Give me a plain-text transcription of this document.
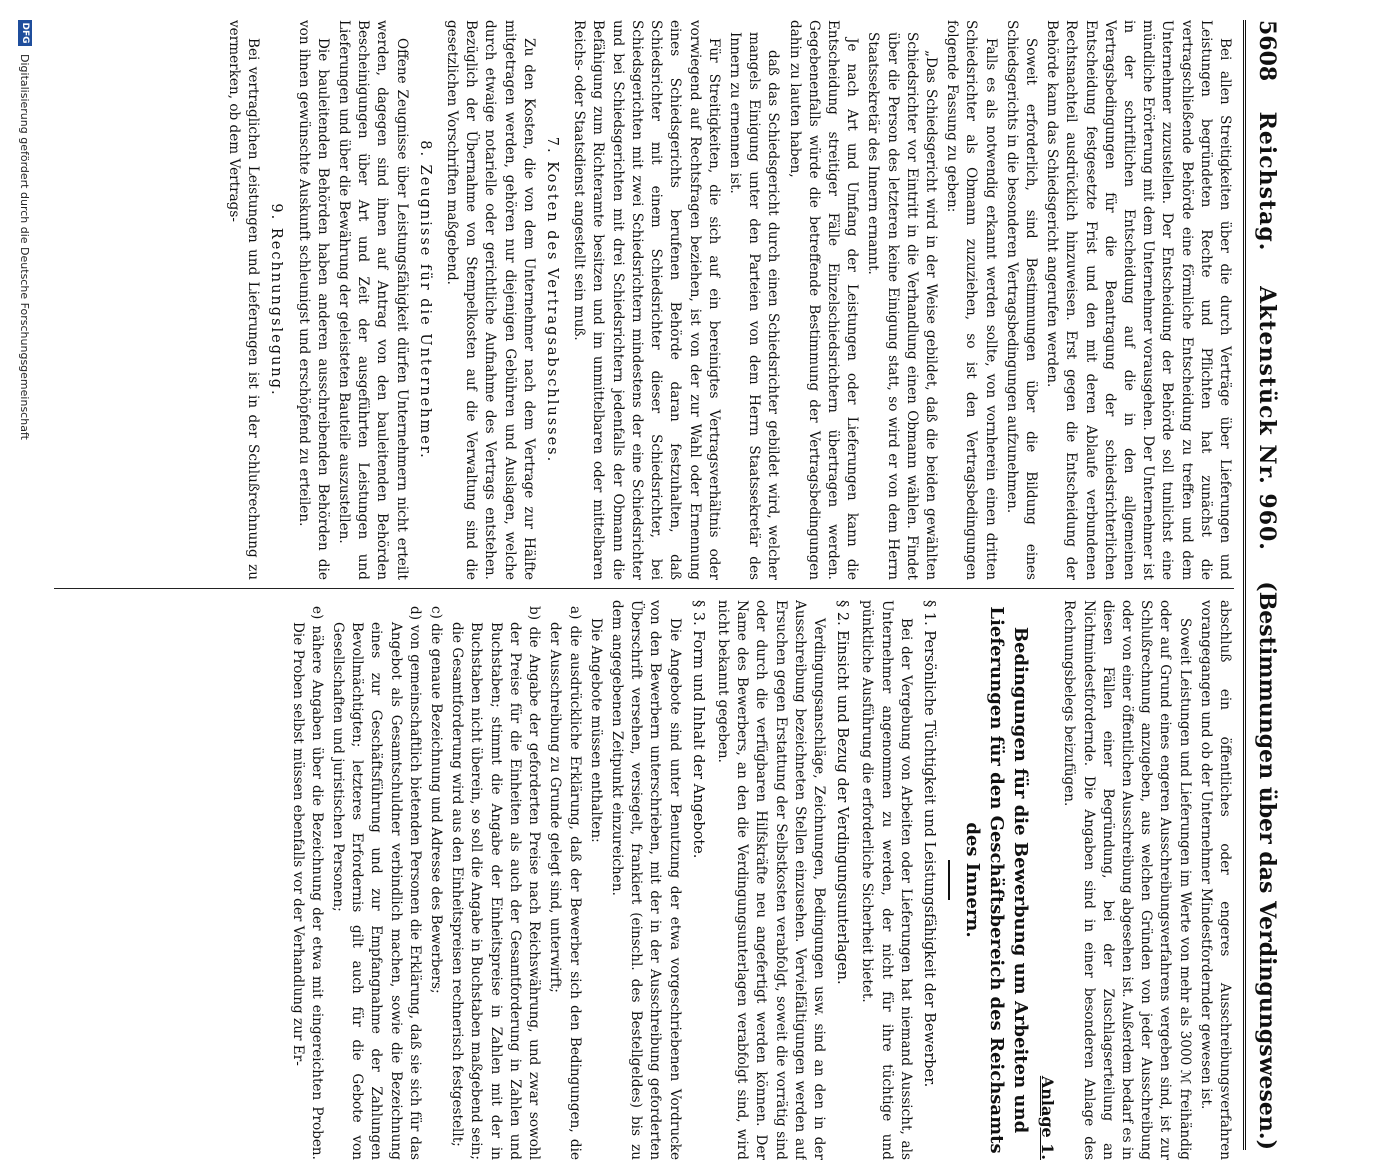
5608
Reichstag.    Aktenstück Nr. 960.
(Bestimmungen über das Verdingungswesen.)

Bei allen Streitigkeiten über die durch Verträge über Lieferungen und Leistungen begründeten Rechte und Pflichten hat zunächst die vertragschließende Behörde eine förmliche Entscheidung zu treffen und dem Unternehmer zuzustellen. Der Entscheidung der Behörde soll tunlichst eine mündliche Erörterung mit dem Unternehmer vorausgehen. Der Unternehmer ist in der schriftlichen Entscheidung auf die in den allgemeinen Vertragsbedingungen für die Beantragung der schiedsrichterlichen Entscheidung festgesetzte Frist und den mit deren Ablaufe verbundenen Rechtsnachteil ausdrücklich hinzuweisen. Erst gegen die Entscheidung der Behörde kann das Schiedsgericht angerufen werden.

Soweit erforderlich, sind Bestimmungen über die Bildung eines Schiedsgerichts in die besonderen Vertragsbedingungen aufzunehmen.

Falls es als notwendig erkannt werden sollte, von vornherein einen dritten Schiedsrichter als Obmann zuzuziehen, so ist den Vertragsbedingungen folgende Fassung zu geben:

„Das Schiedsgericht wird in der Weise gebildet, daß die beiden gewählten Schiedsrichter vor Eintritt in die Verhandlung einen Obmann wählen. Findet über die Person des letzteren keine Einigung statt, so wird er von dem Herrn Staatssekretär des Innern ernannt.

Je nach Art und Umfang der Leistungen oder Lieferungen kann die Entscheidung streitiger Fälle Einzelschiedsrichtern übertragen werden. Gegebenenfalls würde die betreffende Bestimmung der Vertragsbedingungen dahin zu lauten haben,

daß das Schiedsgericht durch einen Schiedsrichter gebildet wird, welcher mangels Einigung unter den Parteien von dem Herrn Staatssekretär des Innern zu ernennen ist.

Für Streitigkeiten, die sich auf ein bereinigtes Vertragsverhältnis oder vorwiegend auf Rechtsfragen beziehen, ist von der zur Wahl oder Ernennung eines Schiedsgerichts berufenen Behörde daran festzuhalten, daß Schiedsrichter mit einem Schiedsrichter dieser Schiedsrichter, bei Schiedsgerichten mit zwei Schiedsrichtern mindestens der eine Schiedsrichter und bei Schiedsgerichten mit drei Schiedsrichtern jedenfalls der Obmann die Befähigung zum Richteramte besitzen und im unmittelbaren oder mittelbaren Reichs- oder Staatsdienst angestellt sein muß.

7. Kosten des Vertragsabschlusses.

Zu den Kosten, die von dem Unternehmer nach dem Vertrage zur Hälfte mitgetragen werden, gehören nur diejenigen Gebühren und Auslagen, welche durch etwaige notarielle oder gerichtliche Aufnahme des Vertrags entstehen. Bezüglich der Übernahme von Stempelkosten auf die Verwaltung sind die gesetzlichen Vorschriften maßgebend.

8. Zeugnisse für die Unternehmer.

Offene Zeugnisse über Leistungsfähigkeit dürfen Unternehmern nicht erteilt werden, dagegen sind ihnen auf Antrag von den bauleitenden Behörden Bescheinigungen über Art und Zeit der ausgeführten Leistungen und Lieferungen und über die Bewährung der geleisteten Bauteile auszustellen.

Die bauleitenden Behörden haben anderen ausschreibenden Behörden die von ihnen gewünschte Auskunft schleunigst und erschöpfend zu erteilen.

9. Rechnungslegung.

Bei vertraglichen Leistungen und Lieferungen ist in der Schlußrechnung zu vermerken, ob dem Vertrags-

abschluß ein öffentliches oder engeres Ausschreibungsverfahren vorangegangen und ob der Unternehmer Mindestfordernder gewesen ist.

Soweit Leistungen und Lieferungen im Werte von mehr als 3000 ℳ freihändig oder auf Grund eines engeren Ausschreibungsverfahrens vergeben sind, ist zur Schlußrechnung anzugeben, aus welchen Gründen von jeder Ausschreibung oder von einer öffentlichen Ausschreibung abgesehen ist. Außerdem bedarf es in diesen Fällen einer Begründung, bei der Zuschlagserteilung an Nichtmindestfordernde. Die Angaben sind in einer besonderen Anlage des Rechnungsbelegs beizufügen.

Anlage 1.
Bedingungen für die Bewerbung um Arbeiten und Lieferungen für den Geschäftsbereich des Reichsamts des Innern.

§ 1. Persönliche Tüchtigkeit und Leistungsfähigkeit der Bewerber.

Bei der Vergebung von Arbeiten oder Lieferungen hat niemand Aussicht, als Unternehmer angenommen zu werden, der nicht für ihre tüchtige und pünktliche Ausführung die erforderliche Sicherheit bietet.

§ 2. Einsicht und Bezug der Verdingungsunterlagen.

Verdingungsanschläge, Zeichnungen, Bedingungen usw. sind an den in der Ausschreibung bezeichneten Stellen einzusehen. Vervielfältigungen werden auf Ersuchen gegen Erstattung der Selbstkosten verabfolgt, soweit die vorrätig sind oder durch die verfügbaren Hilfskräfte neu angefertigt werden können. Der Name des Bewerbers, an den die Verdingungsunterlagen verabfolgt sind, wird nicht bekannt gegeben.

§ 3. Form und Inhalt der Angebote.

Die Angebote sind unter Benutzung der etwa vorgeschriebenen Vordrucke von den Bewerbern unterschrieben, mit der in der Ausschreibung geforderten Überschrift versehen, versiegelt, frankiert (einschl. des Bestellgeldes) bis zu dem angegebenen Zeitpunkt einzureichen.

Die Angebote müssen enthalten:

a) die ausdrückliche Erklärung, daß der Bewerber sich den Bedingungen, die der Ausschreibung zu Grunde gelegt sind, unterwirft;

b) die Angabe der geforderten Preise nach Reichswährung, und zwar sowohl der Preise für die Einheiten als auch der Gesamtforderung in Zahlen und Buchstaben; stimmt die Angabe der Einheitspreise in Zahlen mit der in Buchstaben nicht überein, so soll die Angabe in Buchstaben maßgebend sein; die Gesamtforderung wird aus den Einheitspreisen rechnerisch festgestellt;

c) die genaue Bezeichnung und Adresse des Bewerbers;

d) von gemeinschaftlich bietenden Personen die Erklärung, daß sie sich für das Angebot als Gesamtschuldner verbindlich machen, sowie die Bezeichnung eines zur Geschäftsführung und zur Empfangnahme der Zahlungen Bevollmächtigten; letzteres Erfordernis gilt auch für die Gebote von Gesellschaften und juristischen Personen;

e) nähere Angaben über die Bezeichnung der etwa mit eingereichten Proben. Die Proben selbst müssen ebenfalls vor der Verhandlung zur Er-

DFG
Digitalisierung gefördert durch die Deutsche Forschungsgemeinschaft
